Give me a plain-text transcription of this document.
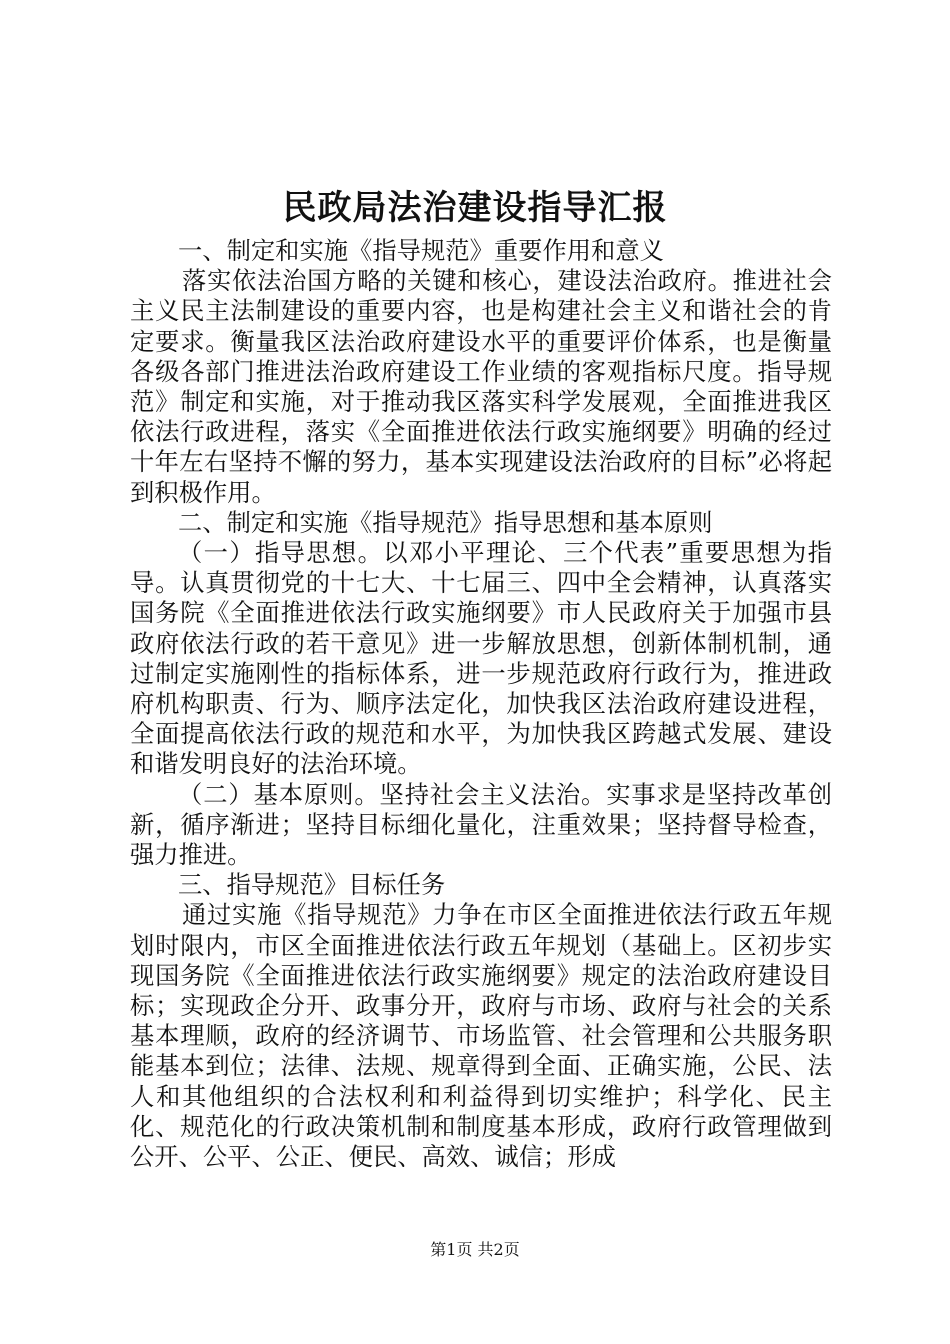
民政局法治建设指导汇报

一、制定和实施《指导规范》重要作用和意义

落实依法治国方略的关键和核心，建设法治政府。推进社会主义民主法制建设的重要内容，也是构建社会主义和谐社会的肯定要求。衡量我区法治政府建设水平的重要评价体系，也是衡量各级各部门推进法治政府建设工作业绩的客观指标尺度。指导规范》制定和实施，对于推动我区落实科学发展观，全面推进我区依法行政进程，落实《全面推进依法行政实施纲要》明确的经过十年左右坚持不懈的努力，基本实现建设法治政府的目标”必将起到积极作用。

二、制定和实施《指导规范》指导思想和基本原则

（一）指导思想。以邓小平理论、三个代表”重要思想为指导。认真贯彻党的十七大、十七届三、四中全会精神，认真落实国务院《全面推进依法行政实施纲要》市人民政府关于加强市县政府依法行政的若干意见》进一步解放思想，创新体制机制，通过制定实施刚性的指标体系，进一步规范政府行政行为，推进政府机构职责、行为、顺序法定化，加快我区法治政府建设进程，全面提高依法行政的规范和水平，为加快我区跨越式发展、建设和谐发明良好的法治环境。

（二）基本原则。坚持社会主义法治。实事求是坚持改革创新，循序渐进；坚持目标细化量化，注重效果；坚持督导检查，强力推进。

三、指导规范》目标任务

通过实施《指导规范》力争在市区全面推进依法行政五年规划时限内，市区全面推进依法行政五年规划（基础上。区初步实现国务院《全面推进依法行政实施纲要》规定的法治政府建设目标；实现政企分开、政事分开，政府与市场、政府与社会的关系基本理顺，政府的经济调节、市场监管、社会管理和公共服务职能基本到位；法律、法规、规章得到全面、正确实施，公民、法人和其他组织的合法权利和利益得到切实维护；科学化、民主化、规范化的行政决策机制和制度基本形成，政府行政管理做到公开、公平、公正、便民、高效、诚信；形成

第1页 共2页
